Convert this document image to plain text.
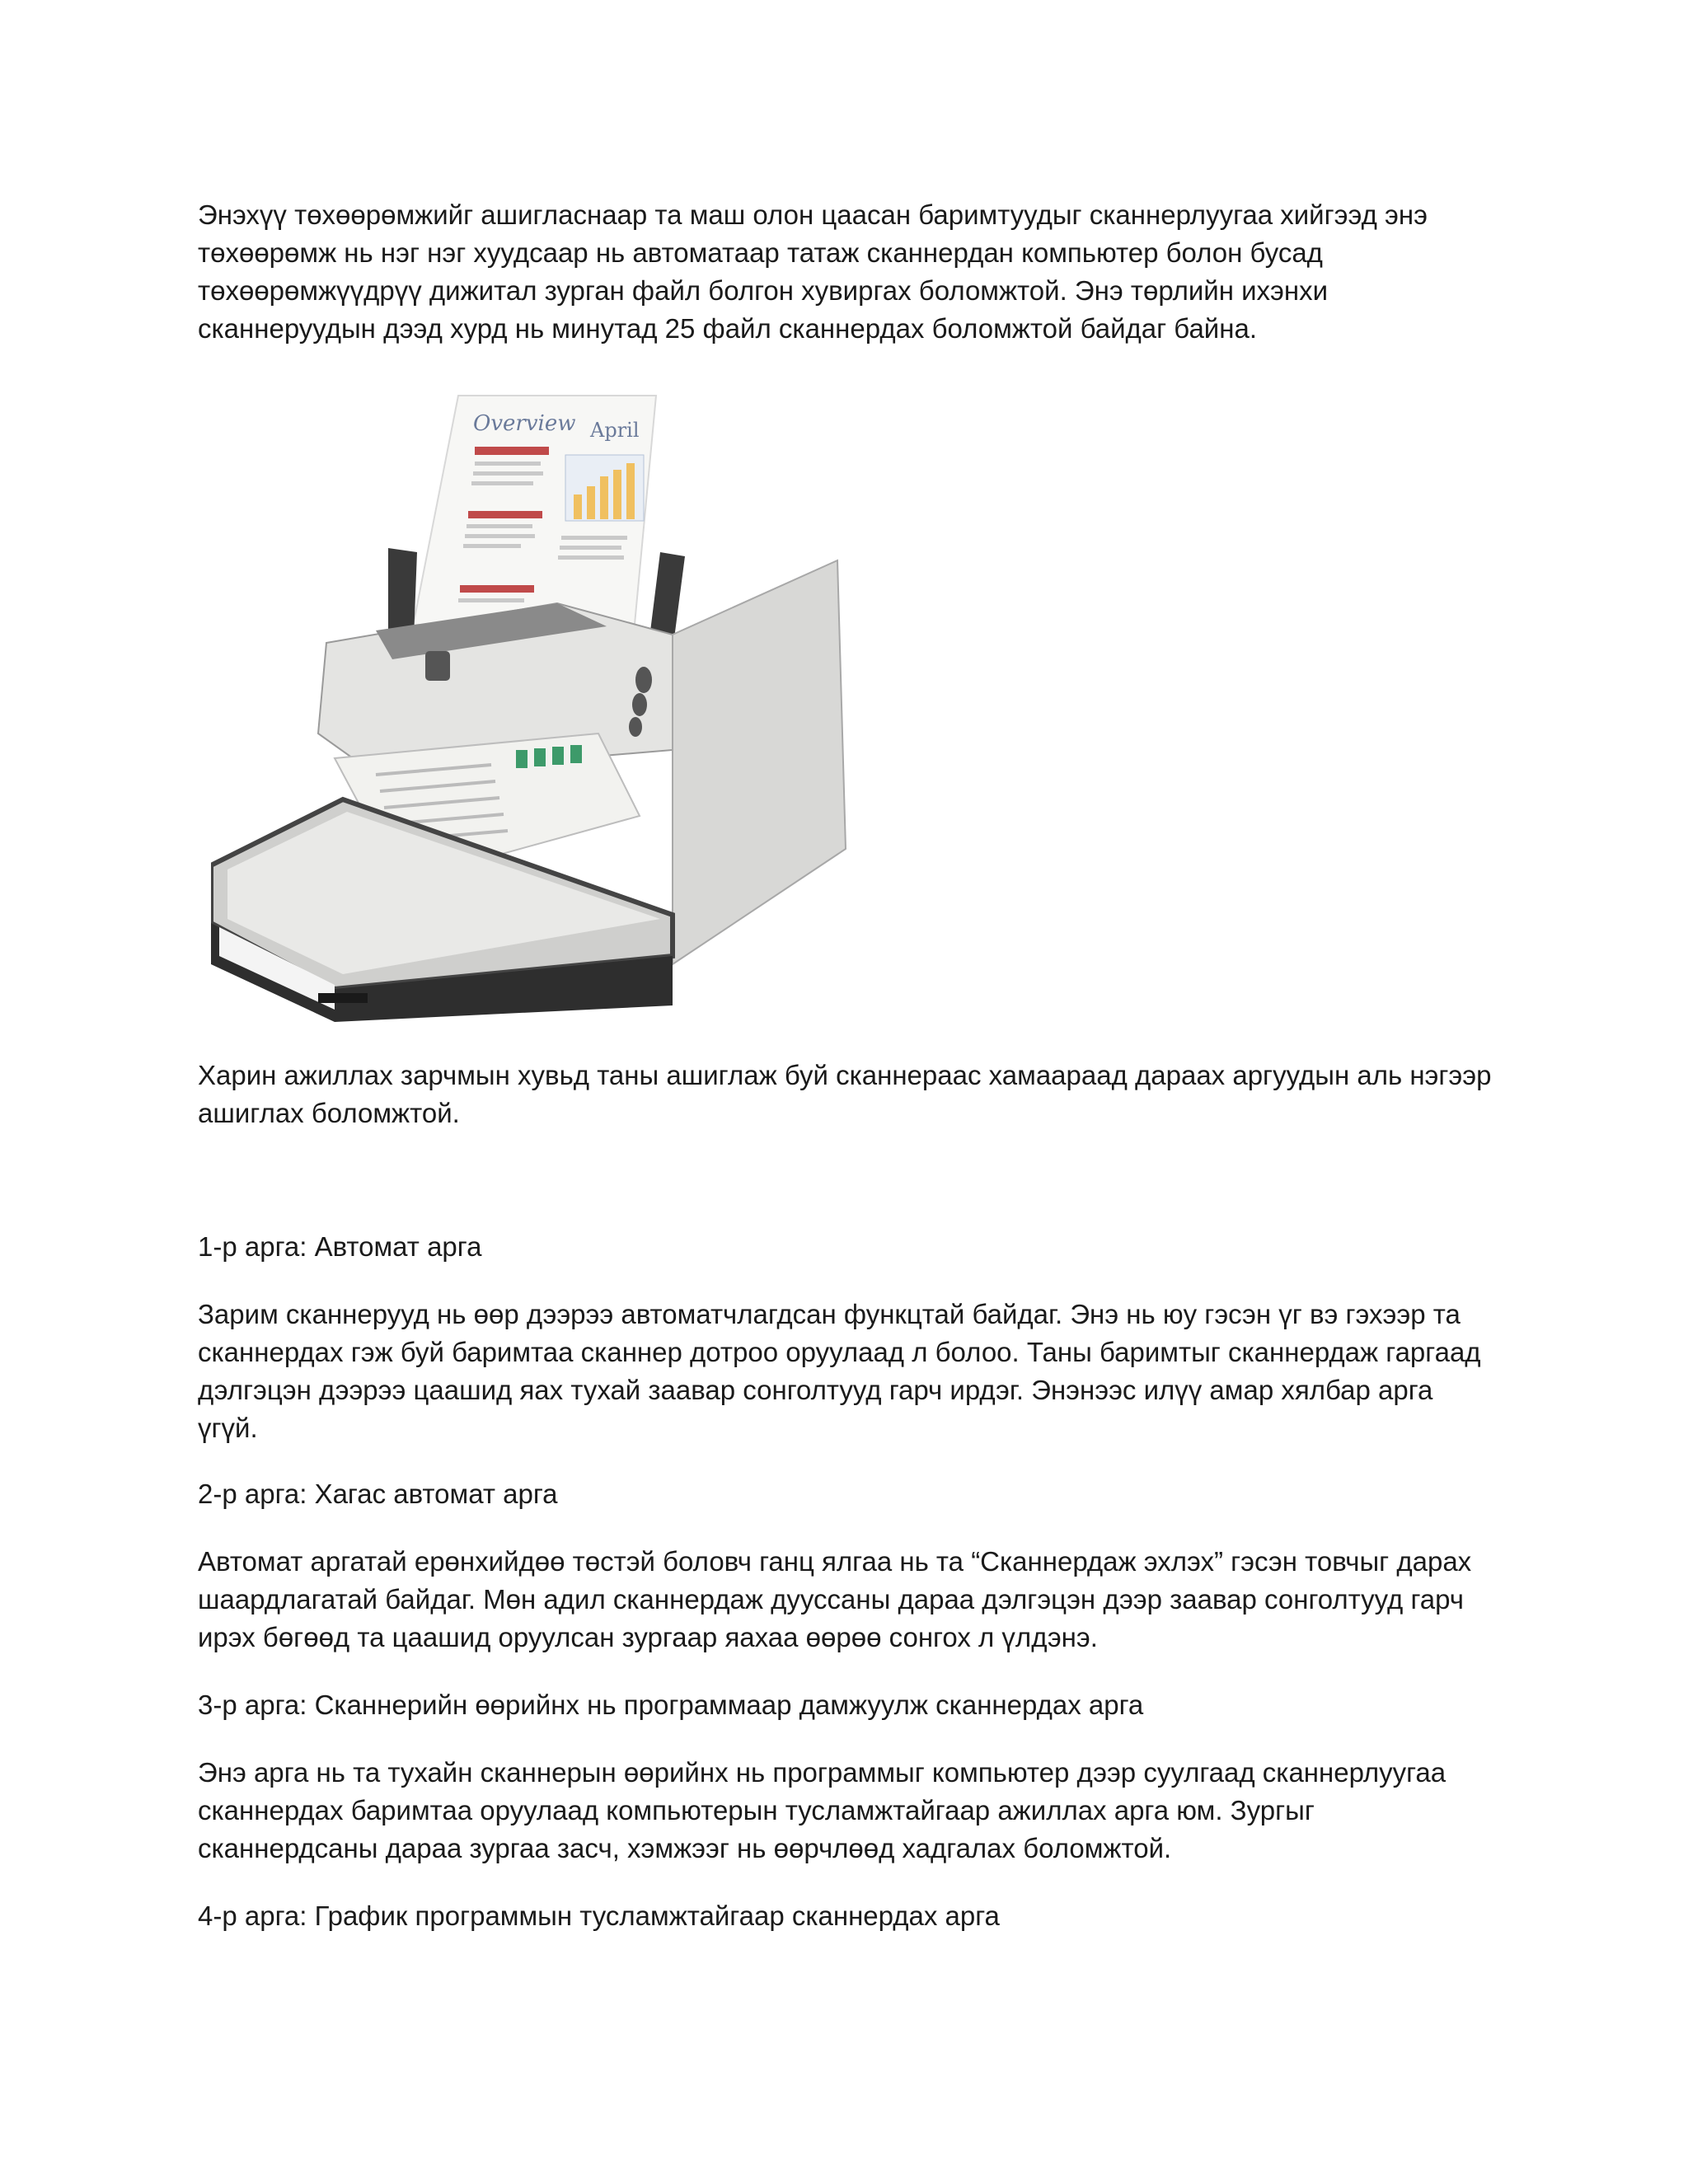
Энэхүү төхөөрөмжийг ашигласнаар та маш олон цаасан баримтуудыг сканнерлуугаа хийгээд энэ төхөөрөмж нь нэг нэг хуудсаар нь автоматаар татаж сканнердан компьютер болон бусад төхөөрөмжүүдрүү дижитал зурган файл болгон хувиргах боломжтой. Энэ төрлийн ихэнхи сканнеруудын дээд хурд нь минутад 25 файл сканнердах боломжтой байдаг байна.

Overview April

Харин ажиллах зарчмын хувьд таны ашиглаж буй сканнераас хамаараад дараах аргуудын аль нэгээр ашиглах боломжтой.

1-р арга: Автомат арга

Зарим сканнерууд нь өөр дээрээ автоматчлагдсан функцтай байдаг. Энэ нь юу гэсэн үг вэ гэхээр та сканнердах гэж буй баримтаа сканнер дотроо оруулаад л болоо. Таны баримтыг сканнердаж гаргаад дэлгэцэн дээрээ цаашид яах тухай заавар сонголтууд гарч ирдэг. Энэнээс илүү амар хялбар арга үгүй.

2-р арга: Хагас автомат арга

Автомат аргатай ерөнхийдөө төстэй боловч ганц ялгаа нь та “Сканнердаж эхлэх” гэсэн товчыг дарах шаардлагатай байдаг. Мөн адил сканнердаж дууссаны дараа дэлгэцэн дээр заавар сонголтууд гарч ирэх бөгөөд та цаашид оруулсан зургаар яахаа өөрөө сонгох л үлдэнэ.

3-р арга: Сканнерийн өөрийнх нь программаар дамжуулж сканнердах арга

Энэ арга нь та тухайн сканнерын өөрийнх нь программыг компьютер дээр суулгаад сканнерлуугаа сканнердах баримтаа оруулаад компьютерын тусламжтайгаар ажиллах арга юм. Зургыг сканнердсаны дараа зургаа засч, хэмжээг нь өөрчлөөд хадгалах боломжтой.

4-р арга: График программын тусламжтайгаар сканнердах арга
